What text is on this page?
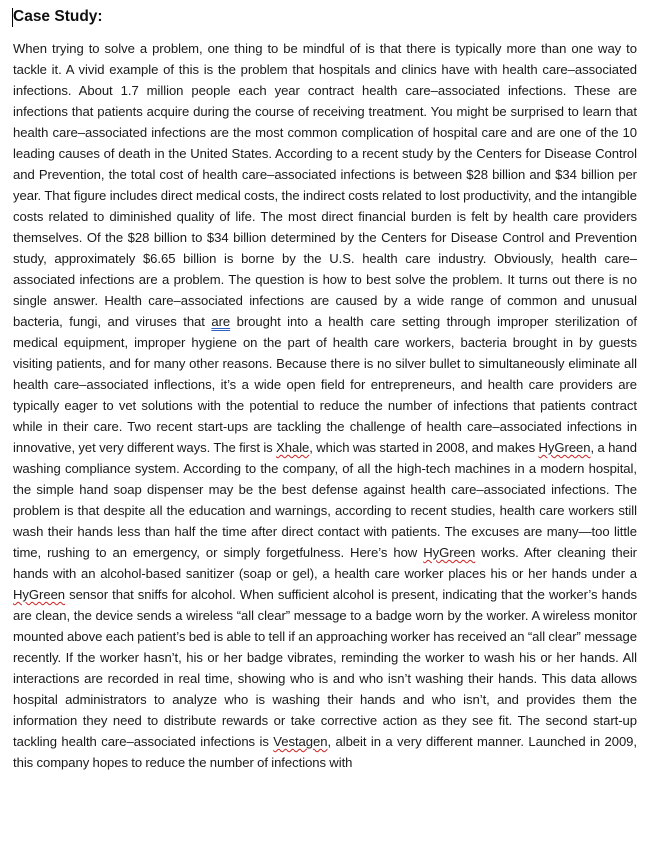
Case Study:

When trying to solve a problem, one thing to be mindful of is that there is typically more than one way to tackle it. A vivid example of this is the problem that hospitals and clinics have with health care–associated infections. About 1.7 million people each year contract health care–associated infections. These are infections that patients acquire during the course of receiving treatment. You might be surprised to learn that health care–associated infections are the most common complication of hospital care and are one of the 10 leading causes of death in the United States. According to a recent study by the Centers for Disease Control and Prevention, the total cost of health care–associated infections is between $28 billion and $34 billion per year. That figure includes direct medical costs, the indirect costs related to lost productivity, and the intangible costs related to diminished quality of life. The most direct financial burden is felt by health care providers themselves. Of the $28 billion to $34 billion determined by the Centers for Disease Control and Prevention study, approximately $6.65 billion is borne by the U.S. health care industry. Obviously, health care–associated infections are a problem. The question is how to best solve the problem. It turns out there is no single answer. Health care–associated infections are caused by a wide range of common and unusual bacteria, fungi, and viruses that are brought into a health care setting through improper sterilization of medical equipment, improper hygiene on the part of health care workers, bacteria brought in by guests visiting patients, and for many other reasons. Because there is no silver bullet to simultaneously eliminate all health care–associated inflections, it’s a wide open field for entrepreneurs, and health care providers are typically eager to vet solutions with the potential to reduce the number of infections that patients contract while in their care. Two recent start-ups are tackling the challenge of health care–associated infections in innovative, yet very different ways. The first is Xhale, which was started in 2008, and makes HyGreen, a hand washing compliance system. According to the company, of all the high-tech machines in a modern hospital, the simple hand soap dispenser may be the best defense against health care–associated infections. The problem is that despite all the education and warnings, according to recent studies, health care workers still wash their hands less than half the time after direct contact with patients. The excuses are many—too little time, rushing to an emergency, or simply forgetfulness. Here’s how HyGreen works. After cleaning their hands with an alcohol-based sanitizer (soap or gel), a health care worker places his or her hands under a HyGreen sensor that sniffs for alcohol. When sufficient alcohol is present, indicating that the worker’s hands are clean, the device sends a wireless “all clear” message to a badge worn by the worker. A wireless monitor mounted above each patient’s bed is able to tell if an approaching worker has received an “all clear” message recently. If the worker hasn’t, his or her badge vibrates, reminding the worker to wash his or her hands. All interactions are recorded in real time, showing who is and who isn’t washing their hands. This data allows hospital administrators to analyze who is washing their hands and who isn’t, and provides them the information they need to distribute rewards or take corrective action as they see fit. The second start-up tackling health care–associated infections is Vestagen, albeit in a very different manner. Launched in 2009, this company hopes to reduce the number of infections with
